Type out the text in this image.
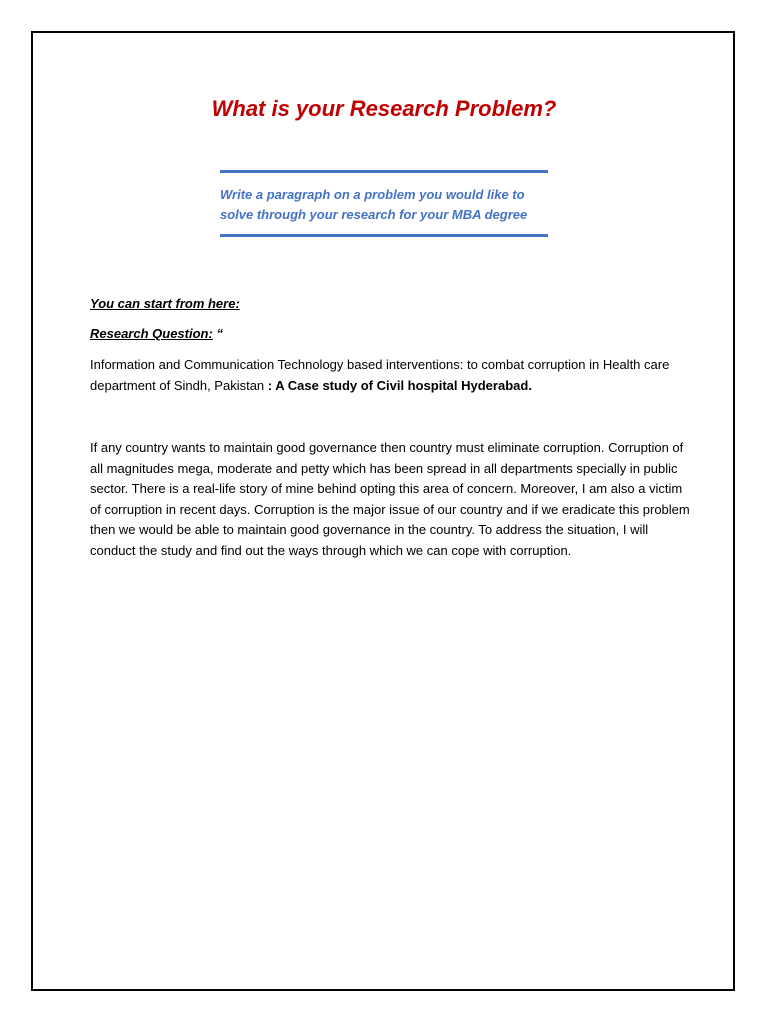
What is your Research Problem?
Write a paragraph on a problem you would like to solve through your research for your MBA degree
You can start from here:
Research Question: “
Information and Communication Technology based interventions: to combat corruption in Health care department of Sindh, Pakistan : A Case study of Civil hospital Hyderabad.
If any country wants to maintain good governance then country must eliminate corruption. Corruption of all magnitudes mega, moderate and petty which has been spread in all departments specially in public sector. There is a real-life story of mine behind opting this area of concern. Moreover, I am also a victim of corruption in recent days. Corruption is the major issue of our country and if we eradicate this problem then we would be able to maintain good governance in the country. To address the situation, I will conduct the study and find out the ways through which we can cope with corruption.
